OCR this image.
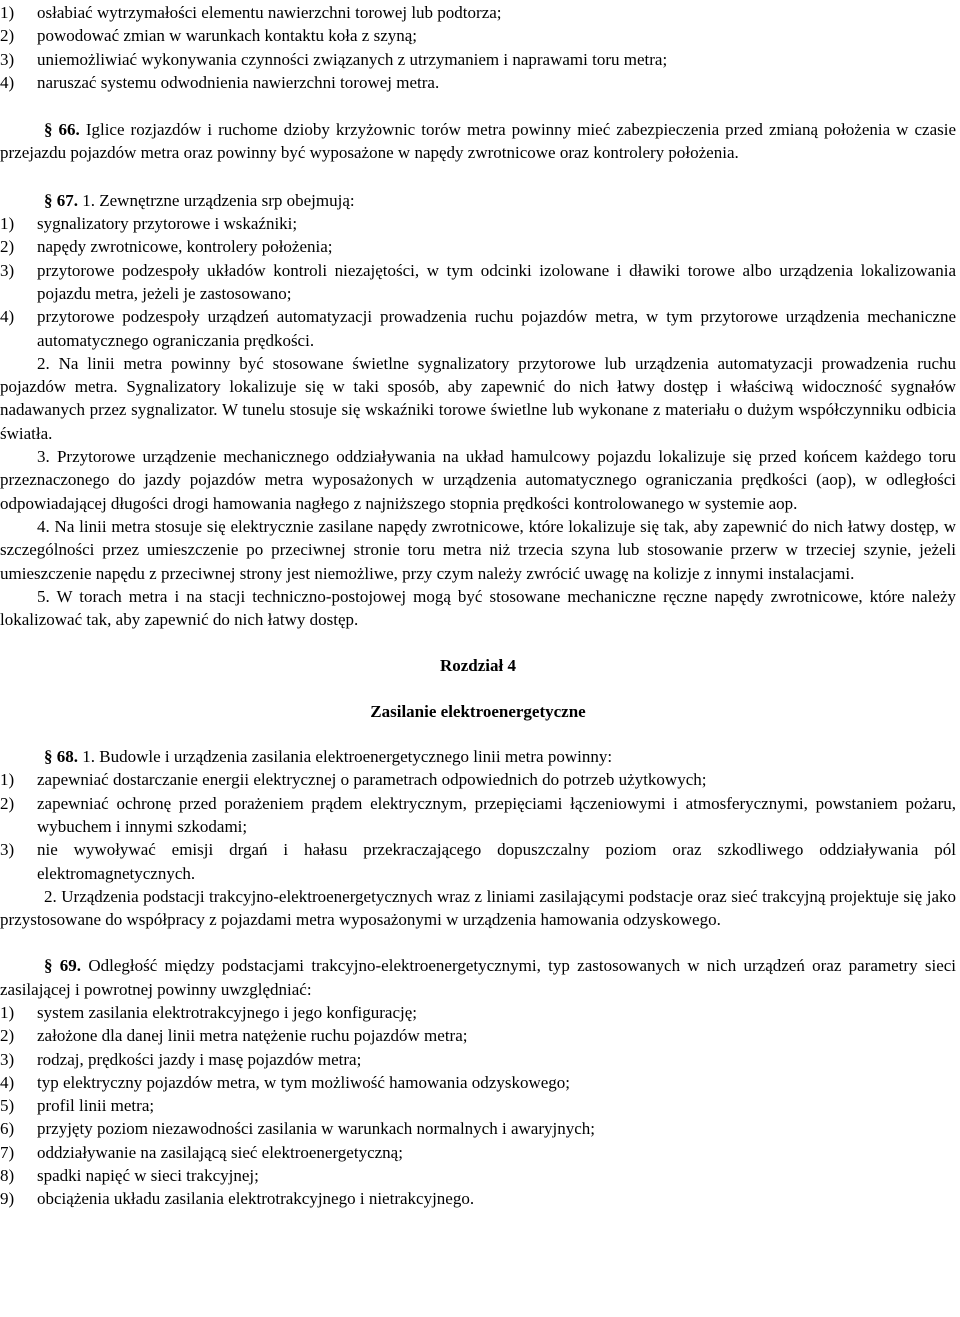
1)	osłabiać wytrzymałości elementu nawierzchni torowej lub podtorza;
2)	powodować zmian w warunkach kontaktu koła z szyną;
3)	uniemożliwiać wykonywania czynności związanych z utrzymaniem i naprawami toru metra;
4)	naruszać systemu odwodnienia nawierzchni torowej metra.
§ 66. Iglice rozjazdów i ruchome dzioby krzyżownic torów metra powinny mieć zabezpieczenia przed zmianą położenia w czasie przejazdu pojazdów metra oraz powinny być wyposażone w napędy zwrotnicowe oraz kontrolery położenia.
§ 67. 1. Zewnętrzne urządzenia srp obejmują:
1)	sygnalizatory przytorowe i wskaźniki;
2)	napędy zwrotnicowe, kontrolery położenia;
3)	przytorowe podzespoły układów kontroli niezajętości, w tym odcinki izolowane i dławiki torowe albo urządzenia lokalizowania pojazdu metra, jeżeli je zastosowano;
4)	przytorowe podzespoły urządzeń automatyzacji prowadzenia ruchu pojazdów metra, w tym przytorowe urządzenia mechaniczne automatycznego ograniczania prędkości.
2. Na linii metra powinny być stosowane świetlne sygnalizatory przytorowe lub urządzenia automatyzacji prowadzenia ruchu pojazdów metra. Sygnalizatory lokalizuje się w taki sposób, aby zapewnić do nich łatwy dostęp i właściwą widoczność sygnałów nadawanych przez sygnalizator. W tunelu stosuje się wskaźniki torowe świetlne lub wykonane z materiału o dużym współczynniku odbicia światła.
3. Przytorowe urządzenie mechanicznego oddziaływania na układ hamulcowy pojazdu lokalizuje się przed końcem każdego toru przeznaczonego do jazdy pojazdów metra wyposażonych w urządzenia automatycznego ograniczania prędkości (aop), w odległości odpowiadającej długości drogi hamowania nagłego z najniższego stopnia prędkości kontrolowanego w systemie aop.
4. Na linii metra stosuje się elektrycznie zasilane napędy zwrotnicowe, które lokalizuje się tak, aby zapewnić do nich łatwy dostęp, w szczególności przez umieszczenie po przeciwnej stronie toru metra niż trzecia szyna lub stosowanie przerw w trzeciej szynie, jeżeli umieszczenie napędu z przeciwnej strony jest niemożliwe, przy czym należy zwrócić uwagę na kolizje z innymi instalacjami.
5. W torach metra i na stacji techniczno-postojowej mogą być stosowane mechaniczne ręczne napędy zwrotnicowe, które należy lokalizować tak, aby zapewnić do nich łatwy dostęp.
Rozdział 4
Zasilanie elektroenergetyczne
§ 68. 1. Budowle i urządzenia zasilania elektroenergetycznego linii metra powinny:
1)	zapewniać dostarczanie energii elektrycznej o parametrach odpowiednich do potrzeb użytkowych;
2)	zapewniać ochronę przed porażeniem prądem elektrycznym, przepięciami łączeniowymi i atmosferycznymi, powstaniem pożaru, wybuchem i innymi szkodami;
3)	nie wywoływać emisji drgań i hałasu przekraczającego dopuszczalny poziom oraz szkodliwego oddziaływania pól elektromagnetycznych.
2. Urządzenia podstacji trakcyjno-elektroenergetycznych wraz z liniami zasilającymi podstacje oraz sieć trakcyjną projektuje się jako przystosowane do współpracy z pojazdami metra wyposażonymi w urządzenia hamowania odzyskowego.
§ 69. Odległość między podstacjami trakcyjno-elektroenergetycznymi, typ zastosowanych w nich urządzeń oraz parametry sieci zasilającej i powrotnej powinny uwzględniać:
1)	system zasilania elektrotrakcyjnego i jego konfigurację;
2)	założone dla danej linii metra natężenie ruchu pojazdów metra;
3)	rodzaj, prędkości jazdy i masę pojazdów metra;
4)	typ elektryczny pojazdów metra, w tym możliwość hamowania odzyskowego;
5)	profil linii metra;
6)	przyjęty poziom niezawodności zasilania w warunkach normalnych i awaryjnych;
7)	oddziaływanie na zasilającą sieć elektroenergetyczną;
8)	spadki napięć w sieci trakcyjnej;
9)	obciążenia układu zasilania elektrotrakcyjnego i nietrakcyjnego.
